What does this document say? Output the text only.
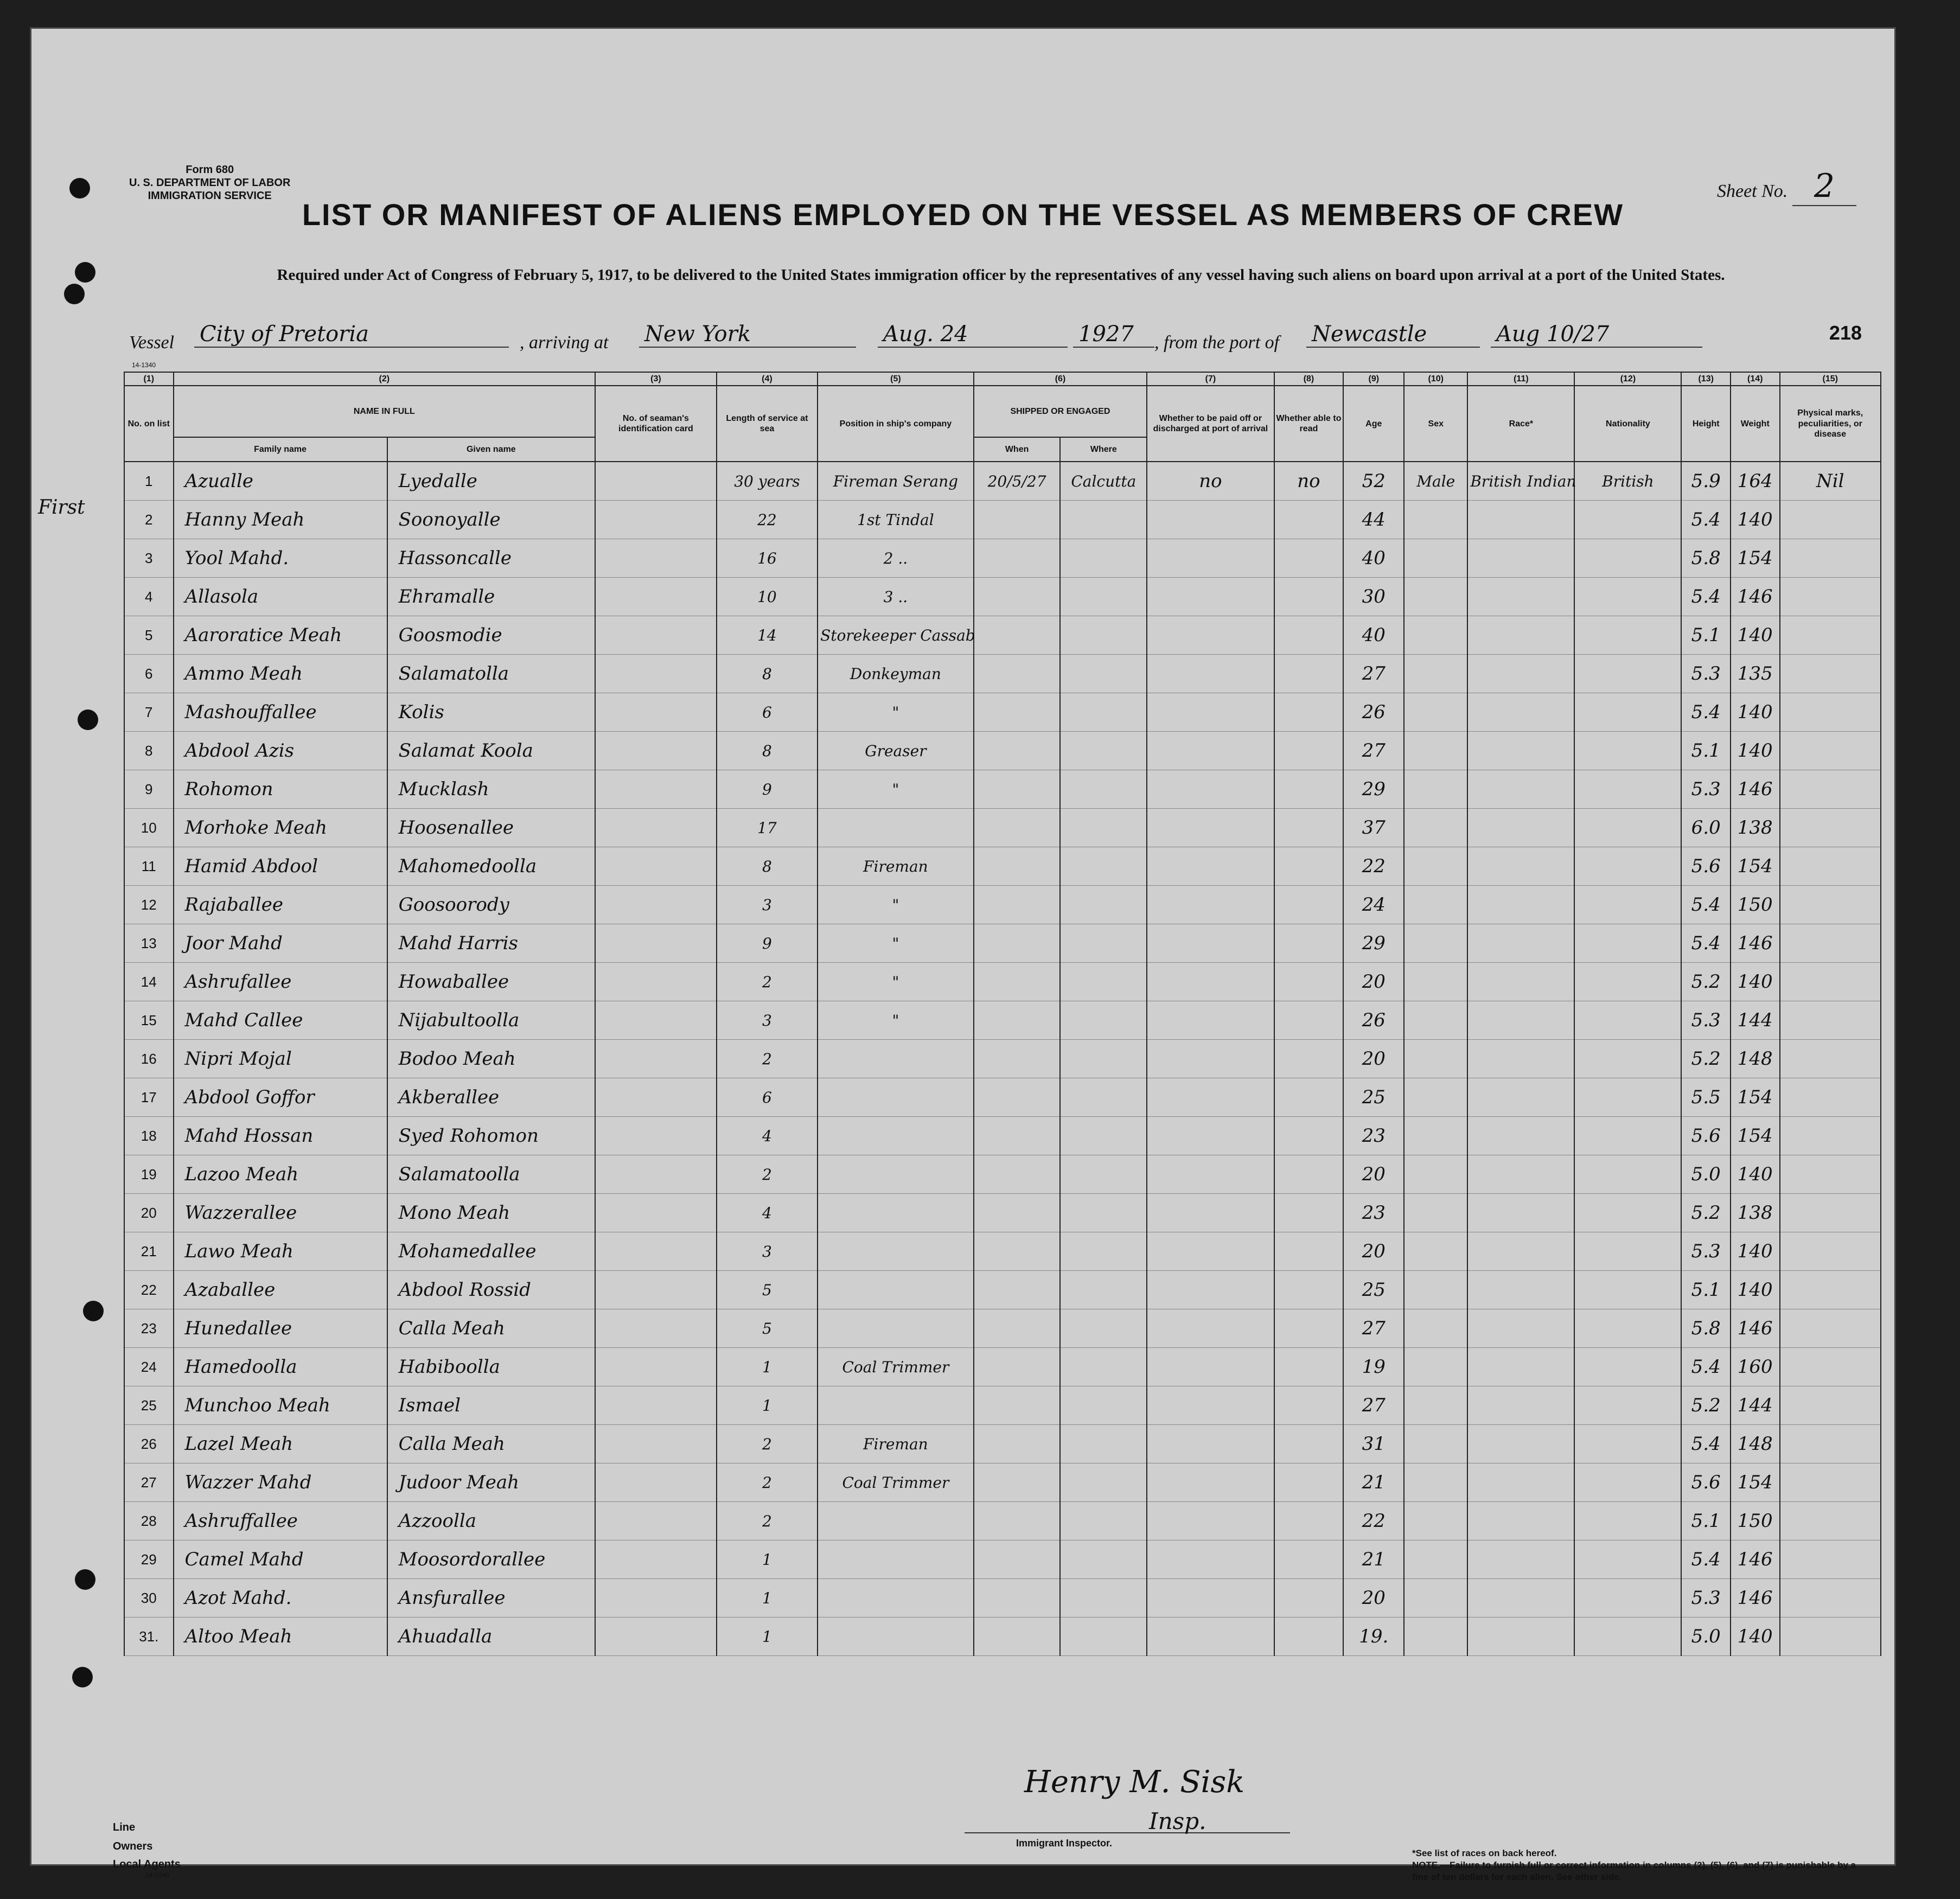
Form 680
U. S. DEPARTMENT OF LABOR
IMMIGRATION SERVICE	Sheet No. 2
LIST OR MANIFEST OF ALIENS EMPLOYED ON THE VESSEL AS MEMBERS OF CREW
Required under Act of Congress of February 5, 1917, to be delivered to the United States immigration officer by the representatives of any vessel having such aliens on board upon arrival at a port of the United States.
Vessel City of Pretoria	, arriving at New York	Aug. 24	1927	, from the port of Newcastle	Aug 10/27	218
14-1340
First
(1)	(2)		(3)	(4)	(5)	(6)		(7)	(8)	(9)	(10)	(11)	(12)	(13)	(14)	(15)
No. on list	NAME IN FULL		No. of seaman's identification card	Length of service at sea	Position in ship's company	SHIPPED OR ENGAGED		Whether to be paid off or discharged at port of arrival	Whether able to read	Age	Sex	Race*	Nationality	Height	Weight	Physical marks, peculiarities, or disease
	Family name	Given name				When	Where									
1	Azualle	Lyedalle		30 years	Fireman Serang	20/5/27	Calcutta	no	no	52	Male	British Indian	British	5.9	164	Nil
2	Hanny Meah	Soonoyalle		22	1st Tindal					44				5.4	140	
3	Yool Mahd.	Hassoncalle		16	2 ..					40				5.8	154	
4	Allasola	Ehramalle		10	3 ..					30				5.4	146	
5	Aaroratice Meah	Goosmodie		14	Storekeeper Cassab					40				5.1	140	
6	Ammo Meah	Salamatolla		8	Donkeyman					27				5.3	135	
7	Mashouffallee	Kolis		6	"					26				5.4	140	
8	Abdool Azis	Salamat Koola		8	Greaser					27				5.1	140	
9	Rohomon	Mucklash		9	"					29				5.3	146	
10	Morhoke Meah	Hoosenallee		17						37				6.0	138	
11	Hamid Abdool	Mahomedoolla		8	Fireman					22				5.6	154	
12	Rajaballee	Goosoorody		3	"					24				5.4	150	
13	Joor Mahd	Mahd Harris		9	"					29				5.4	146	
14	Ashrufallee	Howaballee		2	"					20				5.2	140	
15	Mahd Callee	Nijabultoolla		3	"					26				5.3	144	
16	Nipri Mojal	Bodoo Meah		2						20				5.2	148	
17	Abdool Goffor	Akberallee		6						25				5.5	154	
18	Mahd Hossan	Syed Rohomon		4						23				5.6	154	
19	Lazoo Meah	Salamatoolla		2						20				5.0	140	
20	Wazzerallee	Mono Meah		4						23				5.2	138	
21	Lawo Meah	Mohamedallee		3						20				5.3	140	
22	Azaballee	Abdool Rossid		5						25				5.1	140	
23	Hunedallee	Calla Meah		5						27				5.8	146	
24	Hamedoolla	Habiboolla		1	Coal Trimmer					19				5.4	160	
25	Munchoo Meah	Ismael		1						27				5.2	144	
26	Lazel Meah	Calla Meah		2	Fireman					31				5.4	148	
27	Wazzer Mahd	Judoor Meah		2	Coal Trimmer					21				5.6	154	
28	Ashruffallee	Azzoolla		2						22				5.1	150	
29	Camel Mahd	Moosordorallee		1						21				5.4	146	
30	Azot Mahd.	Ansfurallee		1						20				5.3	146	
31.	Altoo Meah	Ahuadalla		1						19.				5.0	140	
Line
Owners
Local Agents
14-1340
Immigrant Inspector.
Henry M. Sisk
Insp.
*See list of races on back hereof.
NOTE.—Failure to furnish full or correct information in columns (2), (5), (6), and (7) is punishable by a fine of ten dollars for each alien. See other side.
